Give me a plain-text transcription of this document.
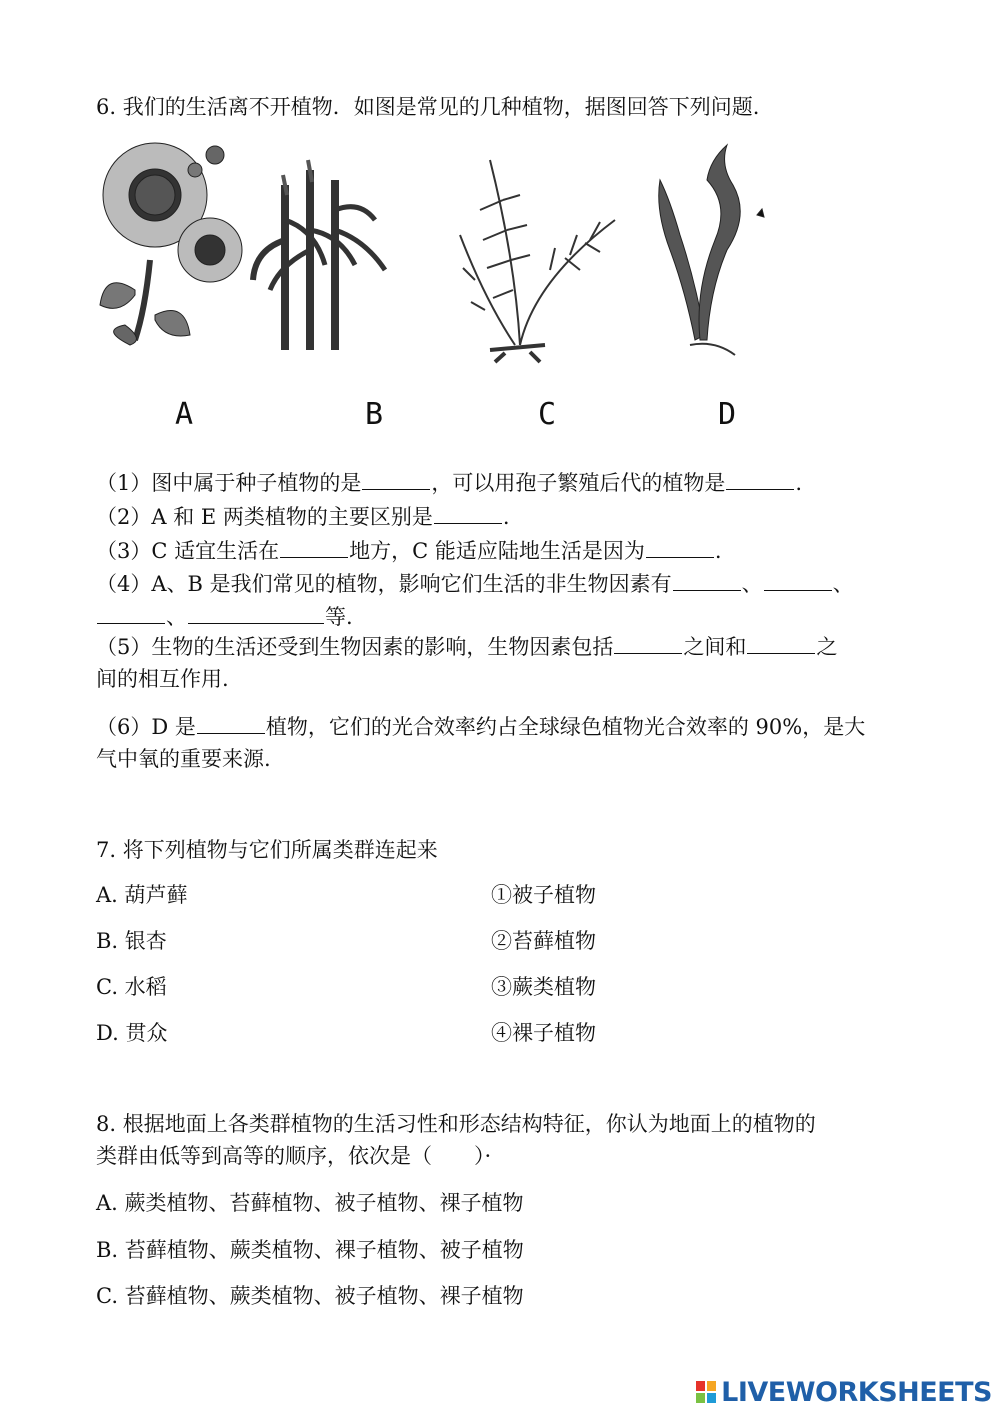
6. 我们的生活离不开植物．如图是常见的几种植物，据图回答下列问题.
A	B	C	D

（1）图中属于种子植物的是	，可以用孢子繁殖后代的植物是	.

（2）A 和 E 两类植物的主要区别是	.

（3）C 适宜生活在	地方，C 能适应陆地生活是因为	.

（4）A、B 是我们常见的植物，影响它们生活的非生物因素有	、	、

、	等.

（5）生物的生活还受到生物因素的影响，生物因素包括	之间和	之

间的相互作用.

（6）D 是	植物，它们的光合效率约占全球绿色植物光合效率的 90%，是大

气中氧的重要来源.

7. 将下列植物与它们所属类群连起来

A. 葫芦藓	①被子植物

B. 银杏	②苔藓植物

C. 水稻	③蕨类植物

D. 贯众	④裸子植物

8. 根据地面上各类群植物的生活习性和形态结构特征，你认为地面上的植物的

类群由低等到高等的顺序，依次是（　　）·

A. 蕨类植物、苔藓植物、被子植物、裸子植物

B. 苔藓植物、蕨类植物、裸子植物、被子植物

C. 苔藓植物、蕨类植物、被子植物、裸子植物

LIVEWORKSHEETS
